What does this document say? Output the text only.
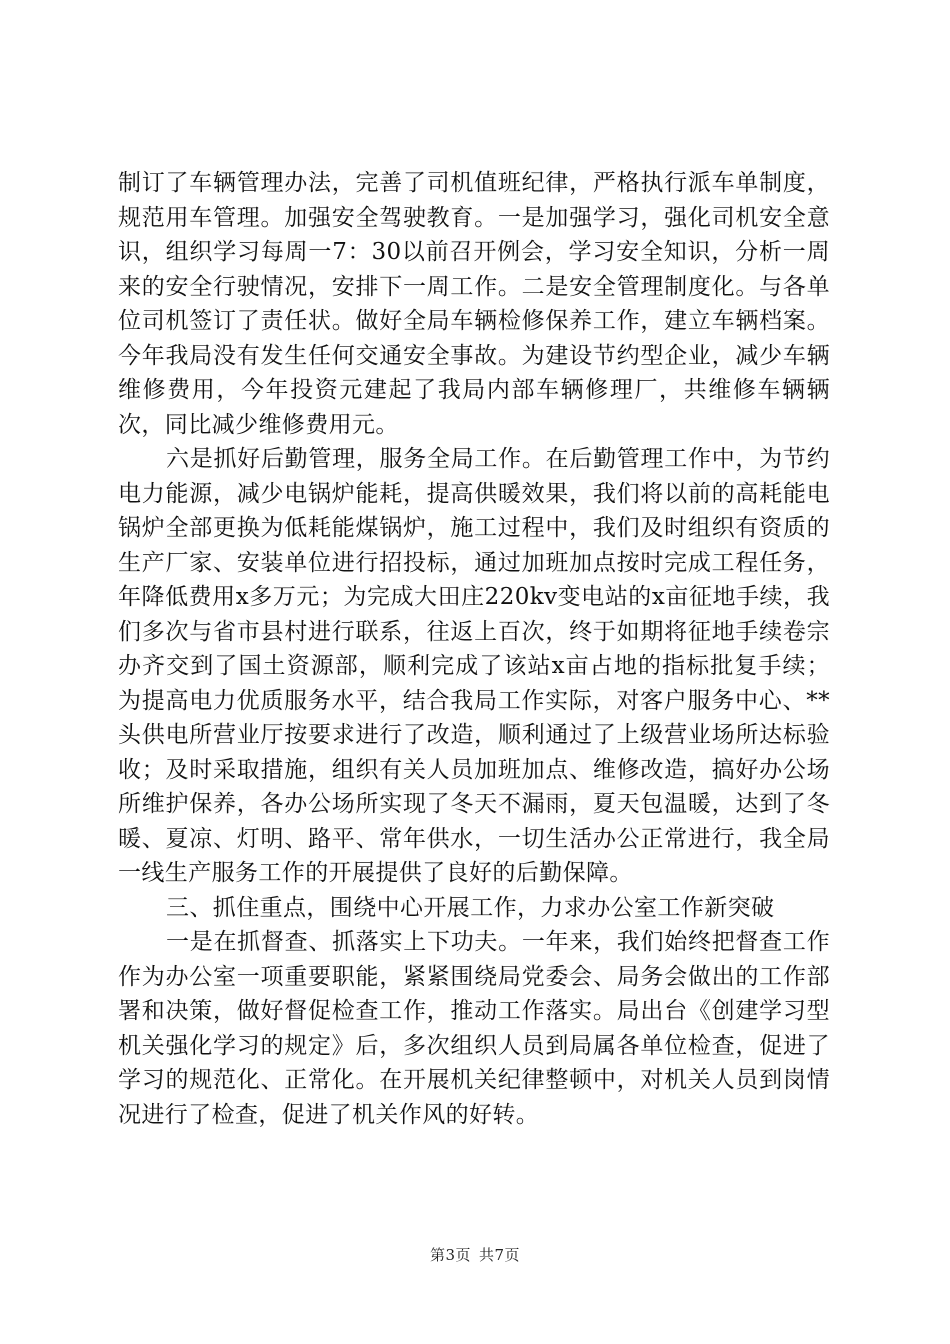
制订了车辆管理办法，完善了司机值班纪律，严格执行派车单制度，规范用车管理。加强安全驾驶教育。一是加强学习，强化司机安全意识，组织学习每周一7：30以前召开例会，学习安全知识，分析一周来的安全行驶情况，安排下一周工作。二是安全管理制度化。与各单位司机签订了责任状。做好全局车辆检修保养工作，建立车辆档案。今年我局没有发生任何交通安全事故。为建设节约型企业，减少车辆维修费用，今年投资元建起了我局内部车辆修理厂，共维修车辆辆次，同比减少维修费用元。

六是抓好后勤管理，服务全局工作。在后勤管理工作中，为节约电力能源，减少电锅炉能耗，提高供暖效果，我们将以前的高耗能电锅炉全部更换为低耗能煤锅炉，施工过程中，我们及时组织有资质的生产厂家、安装单位进行招投标，通过加班加点按时完成工程任务，年降低费用x多万元；为完成大田庄220kv变电站的x亩征地手续，我们多次与省市县村进行联系，往返上百次，终于如期将征地手续卷宗办齐交到了国土资源部，顺利完成了该站x亩占地的指标批复手续；为提高电力优质服务水平，结合我局工作实际，对客户服务中心、**头供电所营业厅按要求进行了改造，顺利通过了上级营业场所达标验收；及时采取措施，组织有关人员加班加点、维修改造，搞好办公场所维护保养，各办公场所实现了冬天不漏雨，夏天包温暖，达到了冬暖、夏凉、灯明、路平、常年供水，一切生活办公正常进行，我全局一线生产服务工作的开展提供了良好的后勤保障。

三、抓住重点，围绕中心开展工作，力求办公室工作新突破

一是在抓督查、抓落实上下功夫。一年来，我们始终把督查工作作为办公室一项重要职能，紧紧围绕局党委会、局务会做出的工作部署和决策，做好督促检查工作，推动工作落实。局出台《创建学习型机关强化学习的规定》后，多次组织人员到局属各单位检查，促进了学习的规范化、正常化。在开展机关纪律整顿中，对机关人员到岗情况进行了检查，促进了机关作风的好转。

第3页 共7页
